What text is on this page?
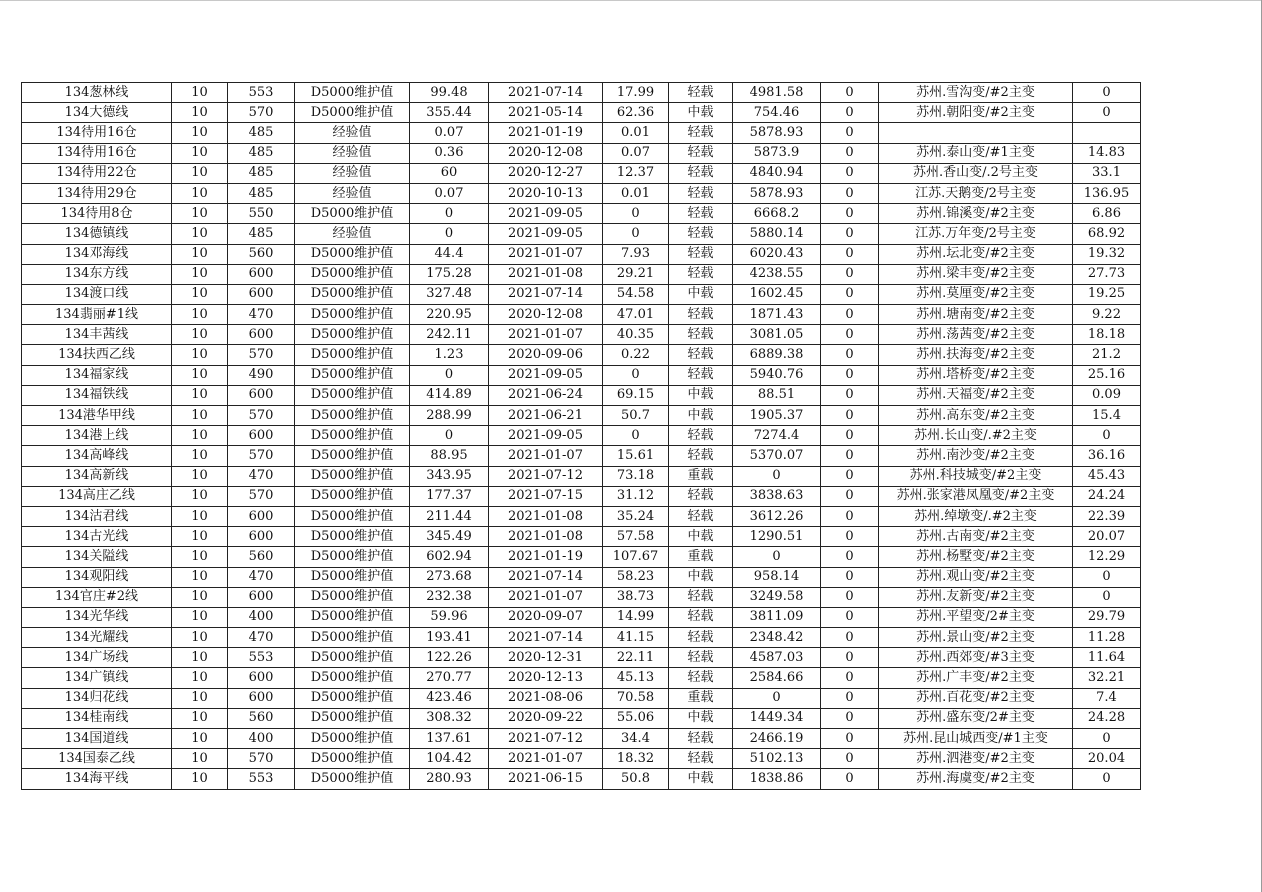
134葱林线	10	553	D5000维护值	99.48	2021-07-14	17.99	轻载	4981.58	0	苏州.雪沟变/#2主变	0
134大德线	10	570	D5000维护值	355.44	2021-05-14	62.36	中载	754.46	0	苏州.朝阳变/#2主变	0
134待用16仓	10	485	经验值	0.07	2021-01-19	0.01	轻载	5878.93	0		
134待用16仓	10	485	经验值	0.36	2020-12-08	0.07	轻载	5873.9	0	苏州.泰山变/#1主变	14.83
134待用22仓	10	485	经验值	60	2020-12-27	12.37	轻载	4840.94	0	苏州.香山变/.2号主变	33.1
134待用29仓	10	485	经验值	0.07	2020-10-13	0.01	轻载	5878.93	0	江苏.天鹅变/2号主变	136.95
134待用8仓	10	550	D5000维护值	0	2021-09-05	0	轻载	6668.2	0	苏州.锦溪变/#2主变	6.86
134德镇线	10	485	经验值	0	2021-09-05	0	轻载	5880.14	0	江苏.万年变/2号主变	68.92
134邓海线	10	560	D5000维护值	44.4	2021-01-07	7.93	轻载	6020.43	0	苏州.坛北变/#2主变	19.32
134东方线	10	600	D5000维护值	175.28	2021-01-08	29.21	轻载	4238.55	0	苏州.梁丰变/#2主变	27.73
134渡口线	10	600	D5000维护值	327.48	2021-07-14	54.58	中载	1602.45	0	苏州.莫厘变/#2主变	19.25
134翡丽#1线	10	470	D5000维护值	220.95	2020-12-08	47.01	轻载	1871.43	0	苏州.塘南变/#2主变	9.22
134丰茜线	10	600	D5000维护值	242.11	2021-01-07	40.35	轻载	3081.05	0	苏州.荡茜变/#2主变	18.18
134扶西乙线	10	570	D5000维护值	1.23	2020-09-06	0.22	轻载	6889.38	0	苏州.扶海变/#2主变	21.2
134福家线	10	490	D5000维护值	0	2021-09-05	0	轻载	5940.76	0	苏州.塔桥变/#2主变	25.16
134福铁线	10	600	D5000维护值	414.89	2021-06-24	69.15	中载	88.51	0	苏州.天福变/#2主变	0.09
134港华甲线	10	570	D5000维护值	288.99	2021-06-21	50.7	中载	1905.37	0	苏州.高东变/#2主变	15.4
134港上线	10	600	D5000维护值	0	2021-09-05	0	轻载	7274.4	0	苏州.长山变/.#2主变	0
134高峰线	10	570	D5000维护值	88.95	2021-01-07	15.61	轻载	5370.07	0	苏州.南沙变/#2主变	36.16
134高新线	10	470	D5000维护值	343.95	2021-07-12	73.18	重载	0	0	苏州.科技城变/#2主变	45.43
134高庄乙线	10	570	D5000维护值	177.37	2021-07-15	31.12	轻载	3838.63	0	苏州.张家港凤凰变/#2主变	24.24
134沽君线	10	600	D5000维护值	211.44	2021-01-08	35.24	轻载	3612.26	0	苏州.绰墩变/.#2主变	22.39
134古光线	10	600	D5000维护值	345.49	2021-01-08	57.58	中载	1290.51	0	苏州.古南变/#2主变	20.07
134关隘线	10	560	D5000维护值	602.94	2021-01-19	107.67	重载	0	0	苏州.杨墅变/#2主变	12.29
134观阳线	10	470	D5000维护值	273.68	2021-07-14	58.23	中载	958.14	0	苏州.观山变/#2主变	0
134官庄#2线	10	600	D5000维护值	232.38	2021-01-07	38.73	轻载	3249.58	0	苏州.友新变/#2主变	0
134光华线	10	400	D5000维护值	59.96	2020-09-07	14.99	轻载	3811.09	0	苏州.平望变/2#主变	29.79
134光耀线	10	470	D5000维护值	193.41	2021-07-14	41.15	轻载	2348.42	0	苏州.景山变/#2主变	11.28
134广场线	10	553	D5000维护值	122.26	2020-12-31	22.11	轻载	4587.03	0	苏州.西郊变/#3主变	11.64
134广镇线	10	600	D5000维护值	270.77	2020-12-13	45.13	轻载	2584.66	0	苏州.广丰变/#2主变	32.21
134归花线	10	600	D5000维护值	423.46	2021-08-06	70.58	重载	0	0	苏州.百花变/#2主变	7.4
134桂南线	10	560	D5000维护值	308.32	2020-09-22	55.06	中载	1449.34	0	苏州.盛东变/2#主变	24.28
134国道线	10	400	D5000维护值	137.61	2021-07-12	34.4	轻载	2466.19	0	苏州.昆山城西变/#1主变	0
134国泰乙线	10	570	D5000维护值	104.42	2021-01-07	18.32	轻载	5102.13	0	苏州.泗港变/#2主变	20.04
134海平线	10	553	D5000维护值	280.93	2021-06-15	50.8	中载	1838.86	0	苏州.海虞变/#2主变	0
